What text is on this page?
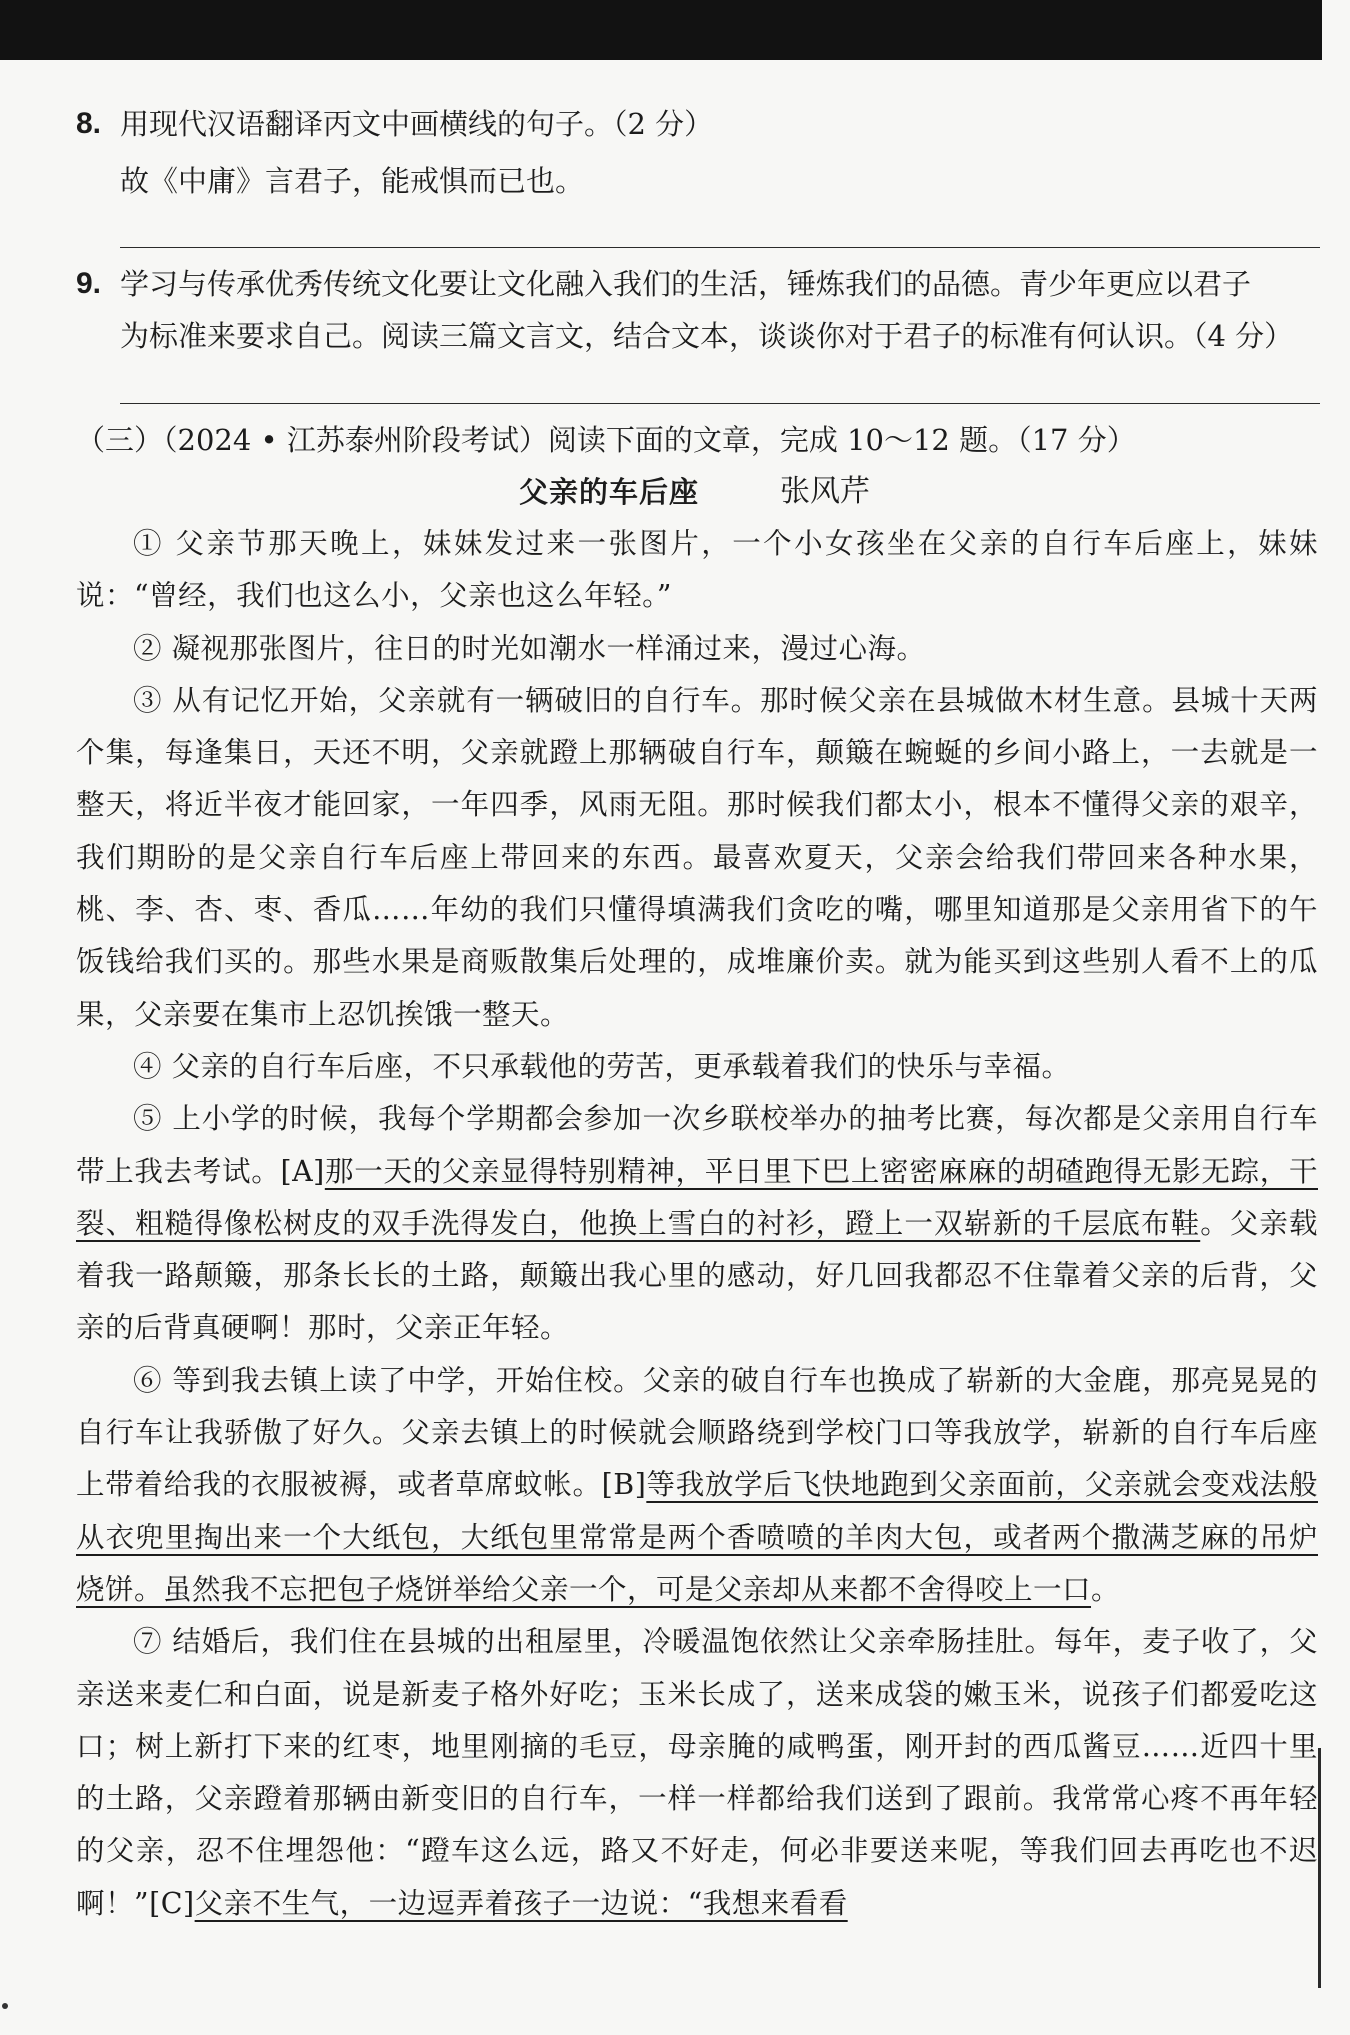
8. 用现代汉语翻译丙文中画横线的句子。（2 分）
故《中庸》言君子，能戒惧而已也。
9. 学习与传承优秀传统文化要让文化融入我们的生活，锤炼我们的品德。青少年更应以君子
为标准来要求自己。阅读三篇文言文，结合文本，谈谈你对于君子的标准有何认识。（4 分）
（三）（2024 • 江苏泰州阶段考试）阅读下面的文章，完成 10～12 题。（17 分）
父亲的车后座	张风芹

① 父亲节那天晚上，妹妹发过来一张图片，一个小女孩坐在父亲的自行车后座上，妹妹说：“曾经，我们也这么小，父亲也这么年轻。”

② 凝视那张图片，往日的时光如潮水一样涌过来，漫过心海。

③ 从有记忆开始，父亲就有一辆破旧的自行车。那时候父亲在县城做木材生意。县城十天两个集，每逢集日，天还不明，父亲就蹬上那辆破自行车，颠簸在蜿蜒的乡间小路上，一去就是一整天，将近半夜才能回家，一年四季，风雨无阻。那时候我们都太小，根本不懂得父亲的艰辛，我们期盼的是父亲自行车后座上带回来的东西。最喜欢夏天，父亲会给我们带回来各种水果，桃、李、杏、枣、香瓜……年幼的我们只懂得填满我们贪吃的嘴，哪里知道那是父亲用省下的午饭钱给我们买的。那些水果是商贩散集后处理的，成堆廉价卖。就为能买到这些别人看不上的瓜果，父亲要在集市上忍饥挨饿一整天。

④ 父亲的自行车后座，不只承载他的劳苦，更承载着我们的快乐与幸福。

⑤ 上小学的时候，我每个学期都会参加一次乡联校举办的抽考比赛，每次都是父亲用自行车带上我去考试。[A]那一天的父亲显得特别精神，平日里下巴上密密麻麻的胡碴跑得无影无踪，干裂、粗糙得像松树皮的双手洗得发白，他换上雪白的衬衫，蹬上一双崭新的千层底布鞋。父亲载着我一路颠簸，那条长长的土路，颠簸出我心里的感动，好几回我都忍不住靠着父亲的后背，父亲的后背真硬啊！那时，父亲正年轻。

⑥ 等到我去镇上读了中学，开始住校。父亲的破自行车也换成了崭新的大金鹿，那亮晃晃的自行车让我骄傲了好久。父亲去镇上的时候就会顺路绕到学校门口等我放学，崭新的自行车后座上带着给我的衣服被褥，或者草席蚊帐。[B]等我放学后飞快地跑到父亲面前，父亲就会变戏法般从衣兜里掏出来一个大纸包，大纸包里常常是两个香喷喷的羊肉大包，或者两个撒满芝麻的吊炉烧饼。虽然我不忘把包子烧饼举给父亲一个，可是父亲却从来都不舍得咬上一口。

⑦ 结婚后，我们住在县城的出租屋里，冷暖温饱依然让父亲牵肠挂肚。每年，麦子收了，父亲送来麦仁和白面，说是新麦子格外好吃；玉米长成了，送来成袋的嫩玉米，说孩子们都爱吃这口；树上新打下来的红枣，地里刚摘的毛豆，母亲腌的咸鸭蛋，刚开封的西瓜酱豆……近四十里的土路，父亲蹬着那辆由新变旧的自行车，一样一样都给我们送到了跟前。我常常心疼不再年轻的父亲，忍不住埋怨他：“蹬车这么远，路又不好走，何必非要送来呢，等我们回去再吃也不迟啊！”[C]父亲不生气，一边逗弄着孩子一边说：“我想来看看
